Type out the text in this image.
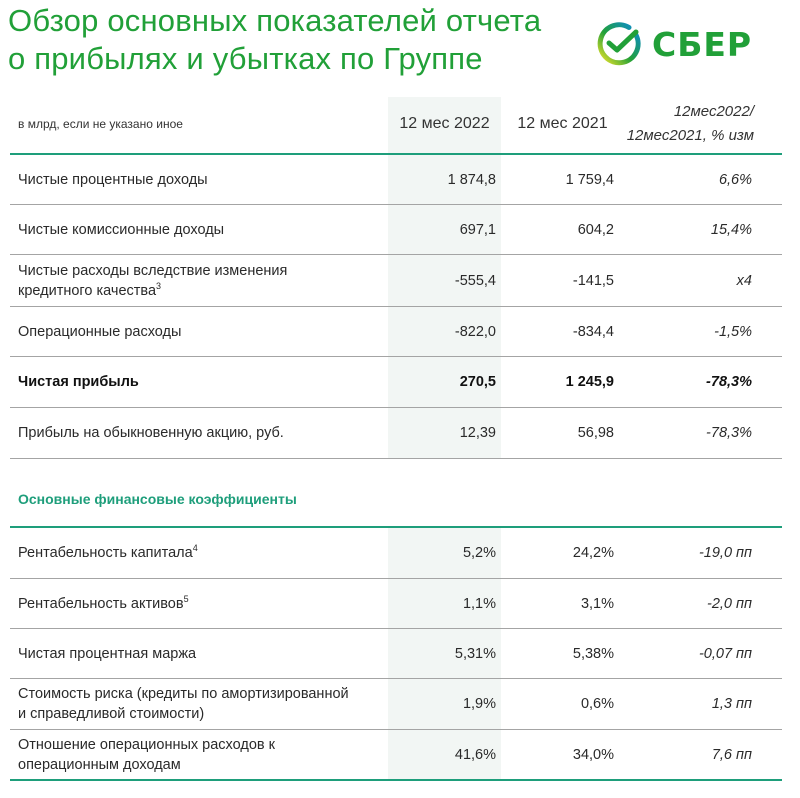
Обзор основных показателей отчета
о прибылях и убытках по Группе	СБЕР
в млрд, если не указано иное	12 мес 2022	12 мес 2021
12мес2022/
12мес2021, % изм
Чистые процентные доходы	1 874,8	1 759,4	6,6%
Чистые комиссионные доходы	697,1	604,2	15,4%
Чистые расходы вследствие изменения
кредитного качества$^3$	-555,4	-141,5	х4
Операционные расходы	-822,0	-834,4	-1,5%
Чистая прибыль	270,5	1 245,9	-78,3%
Прибыль на обыкновенную акцию, руб.	12,39	56,98	-78,3%
Основные финансовые коэффициенты
Рентабельность капитала$^4$	5,2%	24,2%	-19,0 пп
Рентабельность активов$^5$	1,1%	3,1%	-2,0 пп
Чистая процентная маржа	5,31%	5,38%	-0,07 пп
Стоимость риска (кредиты по амортизированной
и справедливой стоимости)
1,9%	0,6%	1,3 пп
Отношение операционных расходов к
операционным доходам
41,6%	34,0%	7,6 пп
